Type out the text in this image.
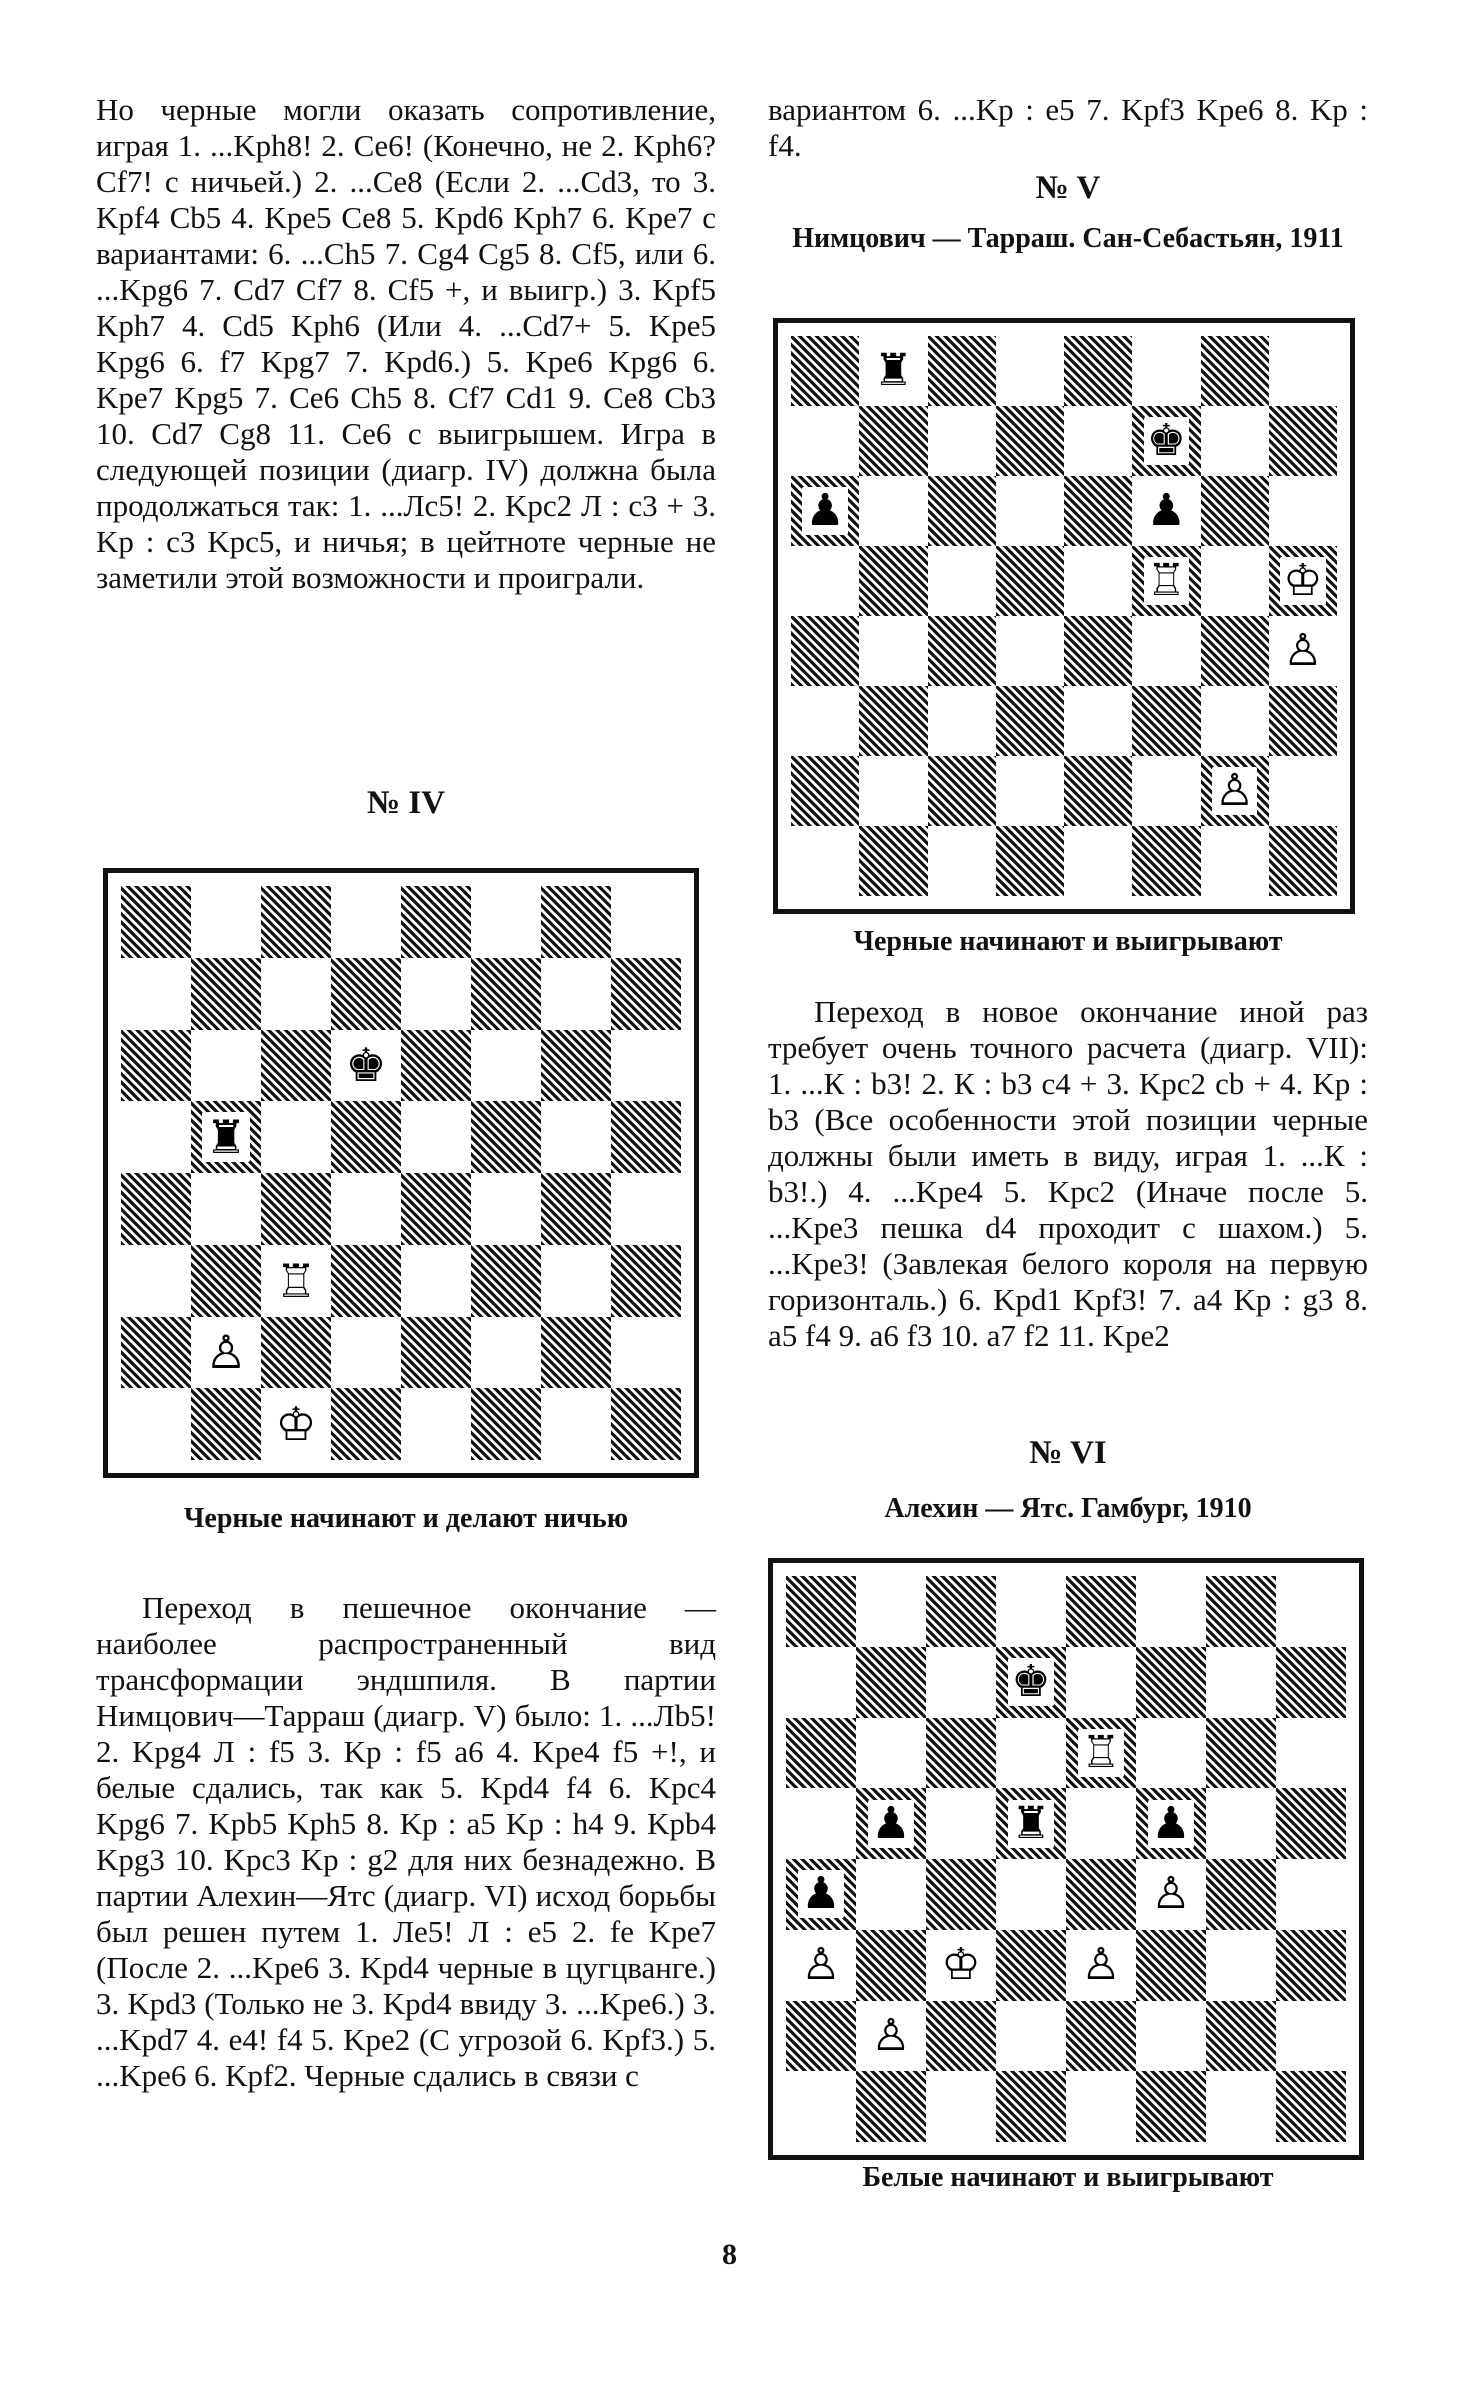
Но черные могли оказать сопротивление, играя 1. ...Kph8! 2. Ce6! (Конечно, не 2. Kph6? Cf7! с ничьей.) 2. ...Ce8 (Если 2. ...Cd3, то 3. Kpf4 Cb5 4. Kpe5 Ce8 5. Kpd6 Kph7 6. Kpe7 с вариантами: 6. ...Ch5 7. Cg4 Cg5 8. Cf5, или 6. ...Kpg6 7. Cd7 Cf7 8. Cf5 +, и выигр.) 3. Kpf5 Kph7 4. Cd5 Kph6 (Или 4. ...Cd7+ 5. Kpe5 Kpg6 6. f7 Kpg7 7. Kpd6.) 5. Kpe6 Kpg6 6. Kpe7 Kpg5 7. Ce6 Ch5 8. Cf7 Cd1 9. Ce8 Cb3 10. Cd7 Cg8 11. Ce6 с выигрышем. Игра в следующей позиции (диагр. IV) должна была продолжаться так: 1. ...Лс5! 2. Kpc2 Л : c3 + 3. Kp : c3 Kpc5, и ничья; в цейтноте черные не заметили этой возможности и проиграли.

№ IV

♚
♜
♖
♙
♔

Черные начинают и делают ничью

Переход в пешечное окончание — наиболее распространенный вид трансформации эндшпиля. В партии Нимцович—Тарраш (диагр. V) было: 1. ...Лb5! 2. Kpg4 Л : f5 3. Kp : f5 a6 4. Kpe4 f5 +!, и белые сдались, так как 5. Kpd4 f4 6. Kpc4 Kpg6 7. Kpb5 Kph5 8. Kp : a5 Kp : h4 9. Kpb4 Kpg3 10. Kpc3 Kp : g2 для них безнадежно. В партии Алехин—Ятс (диагр. VI) исход борьбы был решен путем 1. Ле5! Л : e5 2. fe Kpe7 (После 2. ...Kpe6 3. Kpd4 черные в цугцванге.) 3. Kpd3 (Только не 3. Kpd4 ввиду 3. ...Kpe6.) 3. ...Kpd7 4. e4! f4 5. Kpe2 (С угрозой 6. Kpf3.) 5. ...Kpe6 6. Kpf2. Черные сдались в связи с

вариантом 6. ...Kp : e5 7. Kpf3 Kpe6 8. Kp : f4.

№ V

Нимцович — Тарраш. Сан-Себастьян, 1911

♜
♚
♟	♟
♖ ♔
♙
♙

Черные начинают и выигрывают

Переход в новое окончание иной раз требует очень точного расчета (диагр. VII): 1. ...К : b3! 2. К : b3 c4 + 3. Kpc2 cb + 4. Kp : b3 (Все особенности этой позиции черные должны были иметь в виду, играя 1. ...К : b3!.) 4. ...Kpe4 5. Kpc2 (Иначе после 5. ...Kpe3 пешка d4 проходит с шахом.) 5. ...Kpe3! (Завлекая белого короля на первую горизонталь.) 6. Kpd1 Kpf3! 7. a4 Kp : g3 8. a5 f4 9. a6 f3 10. a7 f2 11. Kpe2

№ VI

Алехин — Ятс. Гамбург, 1910

♚
♖
♟ ♜ ♟
♟	♙
♙ ♔ ♙
♙

Белые начинают и выигрывают

8
